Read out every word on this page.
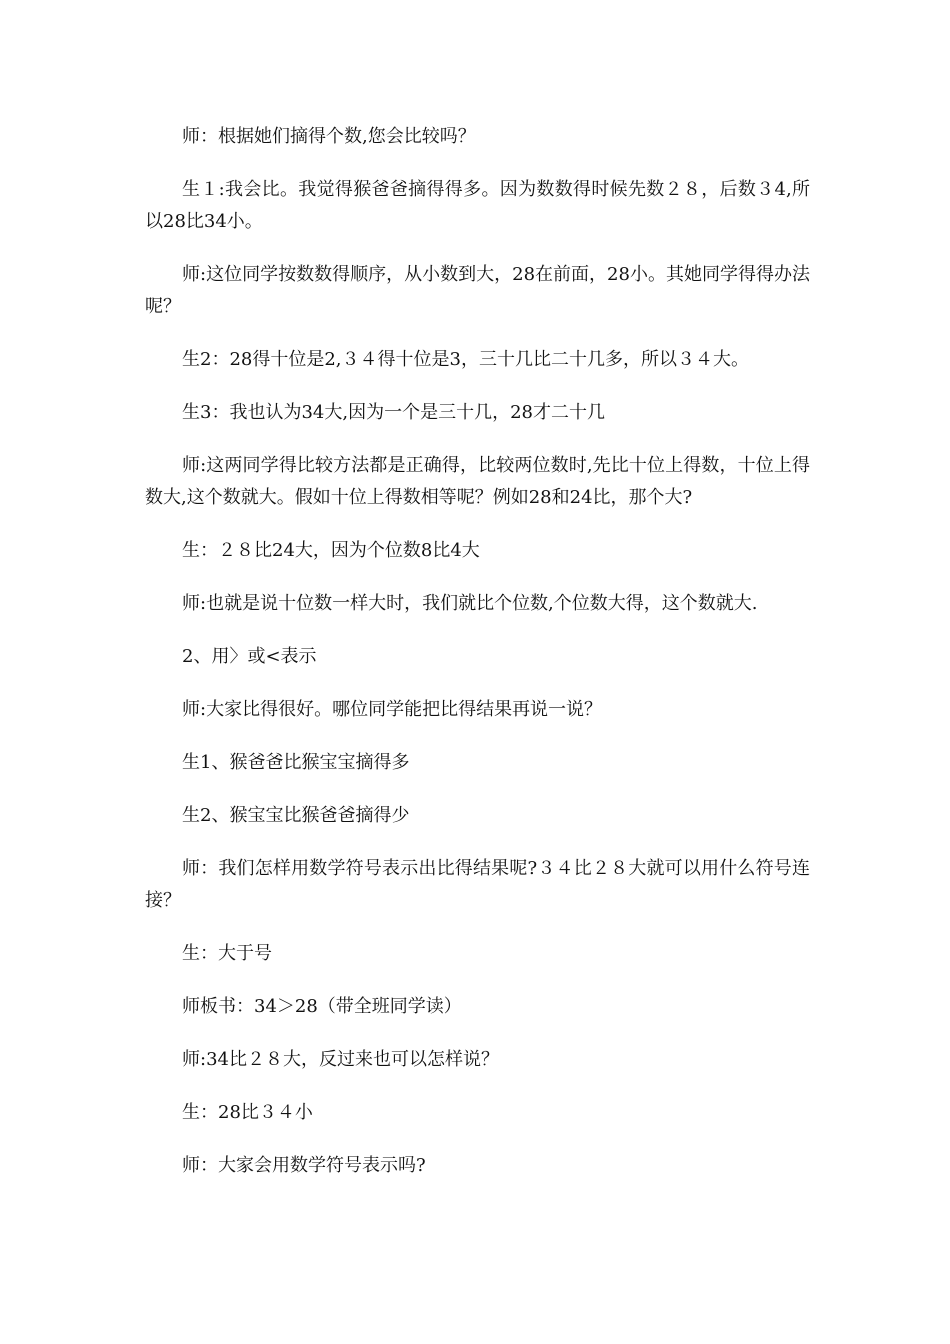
师：根据她们摘得个数,您会比较吗？

生１:我会比。我觉得猴爸爸摘得得多。因为数数得时候先数２８，后数３4,所以28比34小。

师:这位同学按数数得顺序，从小数到大，28在前面，28小。其她同学得得办法呢？

生2：28得十位是2,３４得十位是3，三十几比二十几多，所以３４大。

生3：我也认为34大,因为一个是三十几，28才二十几

师:这两同学得比较方法都是正确得，比较两位数时,先比十位上得数，十位上得数大,这个数就大。假如十位上得数相等呢？例如28和24比，那个大?

生：２８比24大，因为个位数8比4大

师:也就是说十位数一样大时，我们就比个位数,个位数大得，这个数就大.

2、用〉或<表示

师:大家比得很好。哪位同学能把比得结果再说一说？

生1、猴爸爸比猴宝宝摘得多

生2、猴宝宝比猴爸爸摘得少

师：我们怎样用数学符号表示出比得结果呢?３４比２８大就可以用什么符号连接？

生：大于号

师板书：34＞28（带全班同学读）

师:34比２８大，反过来也可以怎样说？

生：28比３４小

师：大家会用数学符号表示吗?
